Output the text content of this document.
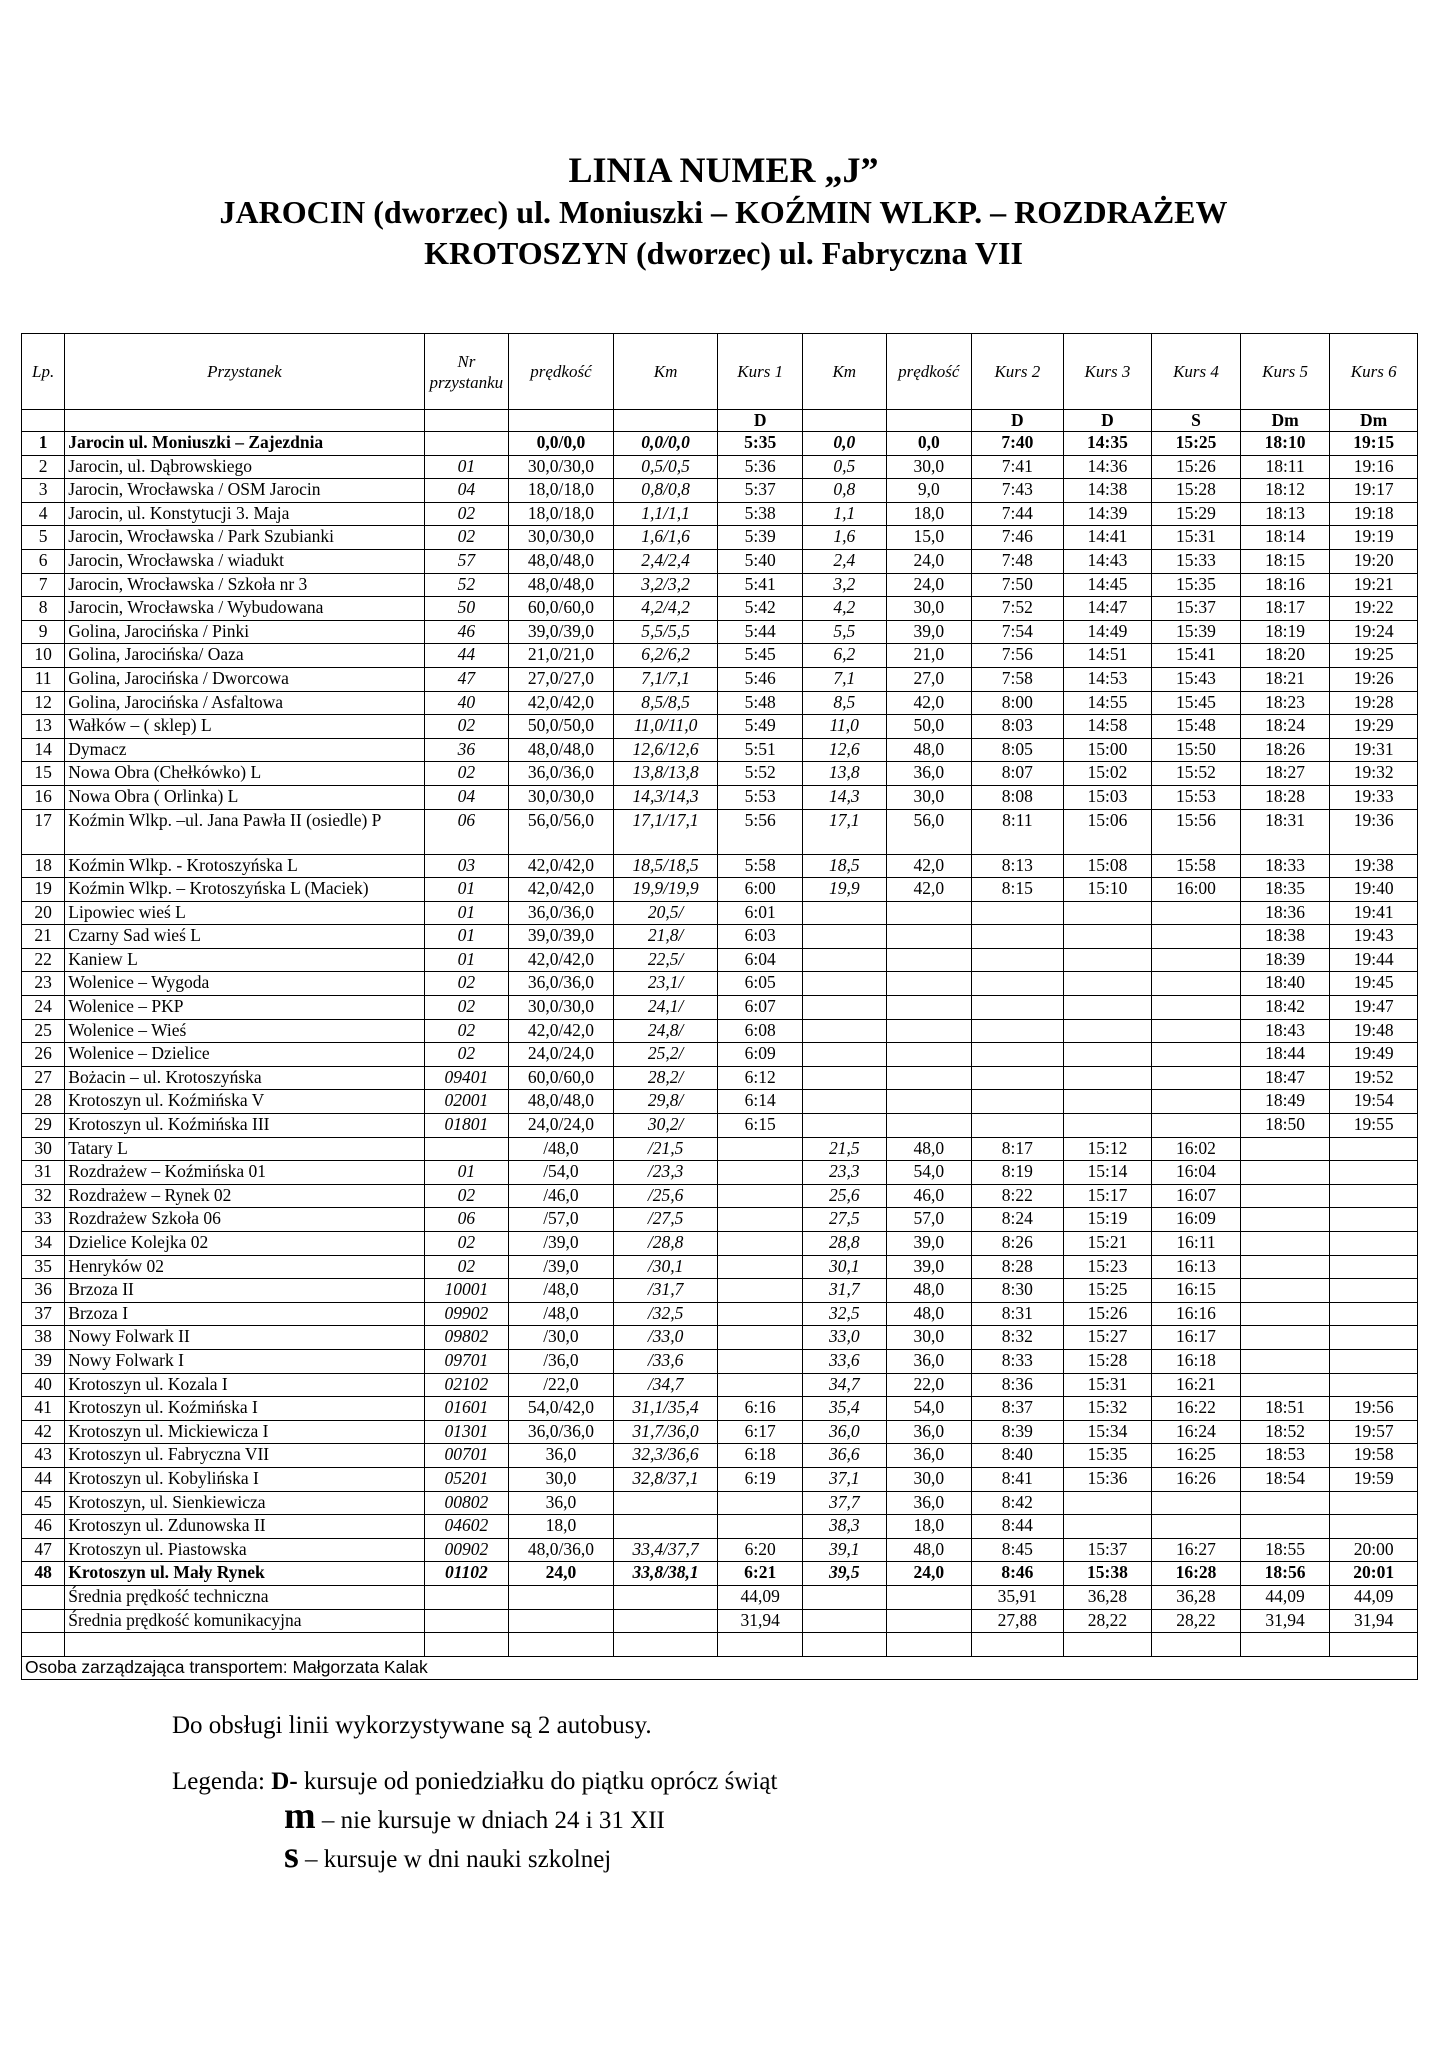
LINIA NUMER „J”
JAROCIN (dworzec) ul. Moniuszki – KOŹMIN WLKP. – ROZDRAŻEW
KROTOSZYN (dworzec) ul. Fabryczna VII
Lp.	Przystanek	Nr przystanku	prędkość	Km	Kurs 1	Km	prędkość	Kurs 2	Kurs 3	Kurs 4	Kurs 5	Kurs 6
					D			D	D	S	Dm	Dm
1	Jarocin ul. Moniuszki – Zajezdnia		0,0/0,0	0,0/0,0	5:35	0,0	0,0	7:40	14:35	15:25	18:10	19:15
2	Jarocin, ul. Dąbrowskiego	01	30,0/30,0	0,5/0,5	5:36	0,5	30,0	7:41	14:36	15:26	18:11	19:16
3	Jarocin, Wrocławska / OSM Jarocin	04	18,0/18,0	0,8/0,8	5:37	0,8	9,0	7:43	14:38	15:28	18:12	19:17
4	Jarocin, ul. Konstytucji 3. Maja	02	18,0/18,0	1,1/1,1	5:38	1,1	18,0	7:44	14:39	15:29	18:13	19:18
5	Jarocin, Wrocławska / Park Szubianki	02	30,0/30,0	1,6/1,6	5:39	1,6	15,0	7:46	14:41	15:31	18:14	19:19
6	Jarocin, Wrocławska / wiadukt	57	48,0/48,0	2,4/2,4	5:40	2,4	24,0	7:48	14:43	15:33	18:15	19:20
7	Jarocin, Wrocławska / Szkoła nr 3	52	48,0/48,0	3,2/3,2	5:41	3,2	24,0	7:50	14:45	15:35	18:16	19:21
8	Jarocin, Wrocławska / Wybudowana	50	60,0/60,0	4,2/4,2	5:42	4,2	30,0	7:52	14:47	15:37	18:17	19:22
9	Golina, Jarocińska / Pinki	46	39,0/39,0	5,5/5,5	5:44	5,5	39,0	7:54	14:49	15:39	18:19	19:24
10	Golina, Jarocińska/ Oaza	44	21,0/21,0	6,2/6,2	5:45	6,2	21,0	7:56	14:51	15:41	18:20	19:25
11	Golina, Jarocińska / Dworcowa	47	27,0/27,0	7,1/7,1	5:46	7,1	27,0	7:58	14:53	15:43	18:21	19:26
12	Golina, Jarocińska / Asfaltowa	40	42,0/42,0	8,5/8,5	5:48	8,5	42,0	8:00	14:55	15:45	18:23	19:28
13	Wałków – ( sklep) L	02	50,0/50,0	11,0/11,0	5:49	11,0	50,0	8:03	14:58	15:48	18:24	19:29
14	Dymacz	36	48,0/48,0	12,6/12,6	5:51	12,6	48,0	8:05	15:00	15:50	18:26	19:31
15	Nowa Obra (Chełkówko) L	02	36,0/36,0	13,8/13,8	5:52	13,8	36,0	8:07	15:02	15:52	18:27	19:32
16	Nowa Obra ( Orlinka) L	04	30,0/30,0	14,3/14,3	5:53	14,3	30,0	8:08	15:03	15:53	18:28	19:33
17	Koźmin Wlkp. –ul. Jana Pawła II (osiedle) P	06	56,0/56,0	17,1/17,1	5:56	17,1	56,0	8:11	15:06	15:56	18:31	19:36
18	Koźmin Wlkp. - Krotoszyńska L	03	42,0/42,0	18,5/18,5	5:58	18,5	42,0	8:13	15:08	15:58	18:33	19:38
19	Koźmin Wlkp. – Krotoszyńska L (Maciek)	01	42,0/42,0	19,9/19,9	6:00	19,9	42,0	8:15	15:10	16:00	18:35	19:40
20	Lipowiec wieś L	01	36,0/36,0	20,5/	6:01						18:36	19:41
21	Czarny Sad wieś L	01	39,0/39,0	21,8/	6:03						18:38	19:43
22	Kaniew L	01	42,0/42,0	22,5/	6:04						18:39	19:44
23	Wolenice – Wygoda	02	36,0/36,0	23,1/	6:05						18:40	19:45
24	Wolenice – PKP	02	30,0/30,0	24,1/	6:07						18:42	19:47
25	Wolenice – Wieś	02	42,0/42,0	24,8/	6:08						18:43	19:48
26	Wolenice – Dzielice	02	24,0/24,0	25,2/	6:09						18:44	19:49
27	Bożacin – ul. Krotoszyńska	09401	60,0/60,0	28,2/	6:12						18:47	19:52
28	Krotoszyn ul. Koźmińska V	02001	48,0/48,0	29,8/	6:14						18:49	19:54
29	Krotoszyn ul. Koźmińska III	01801	24,0/24,0	30,2/	6:15						18:50	19:55
30	Tatary L		/48,0	/21,5		21,5	48,0	8:17	15:12	16:02		
31	Rozdrażew – Koźmińska 01	01	/54,0	/23,3		23,3	54,0	8:19	15:14	16:04		
32	Rozdrażew – Rynek 02	02	/46,0	/25,6		25,6	46,0	8:22	15:17	16:07		
33	Rozdrażew Szkoła 06	06	/57,0	/27,5		27,5	57,0	8:24	15:19	16:09		
34	Dzielice Kolejka 02	02	/39,0	/28,8		28,8	39,0	8:26	15:21	16:11		
35	Henryków 02	02	/39,0	/30,1		30,1	39,0	8:28	15:23	16:13		
36	Brzoza II	10001	/48,0	/31,7		31,7	48,0	8:30	15:25	16:15		
37	Brzoza I	09902	/48,0	/32,5		32,5	48,0	8:31	15:26	16:16		
38	Nowy Folwark II	09802	/30,0	/33,0		33,0	30,0	8:32	15:27	16:17		
39	Nowy Folwark I	09701	/36,0	/33,6		33,6	36,0	8:33	15:28	16:18		
40	Krotoszyn ul. Kozala I	02102	/22,0	/34,7		34,7	22,0	8:36	15:31	16:21		
41	Krotoszyn ul. Koźmińska I	01601	54,0/42,0	31,1/35,4	6:16	35,4	54,0	8:37	15:32	16:22	18:51	19:56
42	Krotoszyn ul. Mickiewicza I	01301	36,0/36,0	31,7/36,0	6:17	36,0	36,0	8:39	15:34	16:24	18:52	19:57
43	Krotoszyn ul. Fabryczna VII	00701	36,0	32,3/36,6	6:18	36,6	36,0	8:40	15:35	16:25	18:53	19:58
44	Krotoszyn ul. Kobylińska I	05201	30,0	32,8/37,1	6:19	37,1	30,0	8:41	15:36	16:26	18:54	19:59
45	Krotoszyn, ul. Sienkiewicza	00802	36,0			37,7	36,0	8:42				
46	Krotoszyn ul. Zdunowska II	04602	18,0			38,3	18,0	8:44				
47	Krotoszyn ul. Piastowska	00902	48,0/36,0	33,4/37,7	6:20	39,1	48,0	8:45	15:37	16:27	18:55	20:00
48	Krotoszyn ul. Mały Rynek	01102	24,0	33,8/38,1	6:21	39,5	24,0	8:46	15:38	16:28	18:56	20:01
	Średnia prędkość techniczna				44,09			35,91	36,28	36,28	44,09	44,09
	Średnia prędkość komunikacyjna				31,94			27,88	28,22	28,22	31,94	31,94

Osoba zarządzająca transportem: Małgorzata Kalak												
Do obsługi linii wykorzystywane są 2 autobusy.
Legenda: D- kursuje od poniedziałku do piątku oprócz świąt
m – nie kursuje w dniach 24 i 31 XII
s – kursuje w dni nauki szkolnej
